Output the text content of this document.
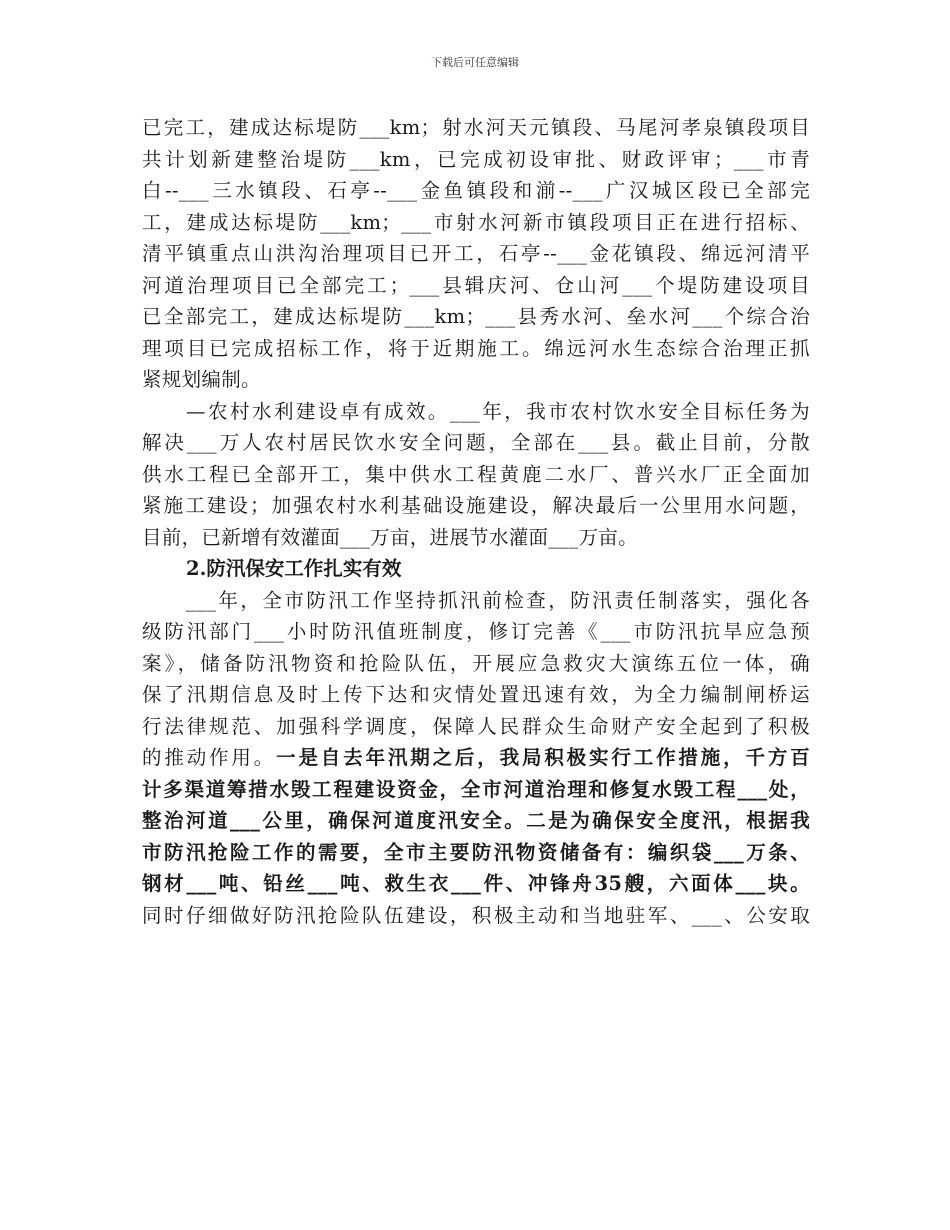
下载后可任意编辑
已完工，建成达标堤防___km；射水河天元镇段、马尾河孝泉镇段项目
共计划新建整治堤防___km，已完成初设审批、财政评审；___市青
白--___三水镇段、石亭--___金鱼镇段和湔--___广汉城区段已全部完
工，建成达标堤防___km；___市射水河新市镇段项目正在进行招标、
清平镇重点山洪沟治理项目已开工，石亭--___金花镇段、绵远河清平
河道治理项目已全部完工；___县辑庆河、仓山河___个堤防建设项目
已全部完工，建成达标堤防___km；___县秀水河、垒水河___个综合治
理项目已完成招标工作，将于近期施工。绵远河水生态综合治理正抓
紧规划编制。
—农村水利建设卓有成效。___年，我市农村饮水安全目标任务为
解决___万人农村居民饮水安全问题，全部在___县。截止目前，分散
供水工程已全部开工，集中供水工程黄鹿二水厂、普兴水厂正全面加
紧施工建设；加强农村水利基础设施建设，解决最后一公里用水问题，
目前，已新增有效灌面___万亩，进展节水灌面___万亩。
2.防汛保安工作扎实有效
___年，全市防汛工作坚持抓汛前检查，防汛责任制落实，强化各
级防汛部门___小时防汛值班制度，修订完善《___市防汛抗旱应急预
案》，储备防汛物资和抢险队伍，开展应急救灾大演练五位一体，确
保了汛期信息及时上传下达和灾情处置迅速有效，为全力编制闸桥运
行法律规范、加强科学调度，保障人民群众生命财产安全起到了积极
的推动作用。一是自去年汛期之后，我局积极实行工作措施，千方百
计多渠道筹措水毁工程建设资金，全市河道治理和修复水毁工程___处，
整治河道___公里，确保河道度汛安全。二是为确保安全度汛，根据我
市防汛抢险工作的需要，全市主要防汛物资储备有：编织袋___万条、
钢材___吨、铅丝___吨、救生衣___件、冲锋舟35艘，六面体___块。
同时仔细做好防汛抢险队伍建设，积极主动和当地驻军、___、公安取
